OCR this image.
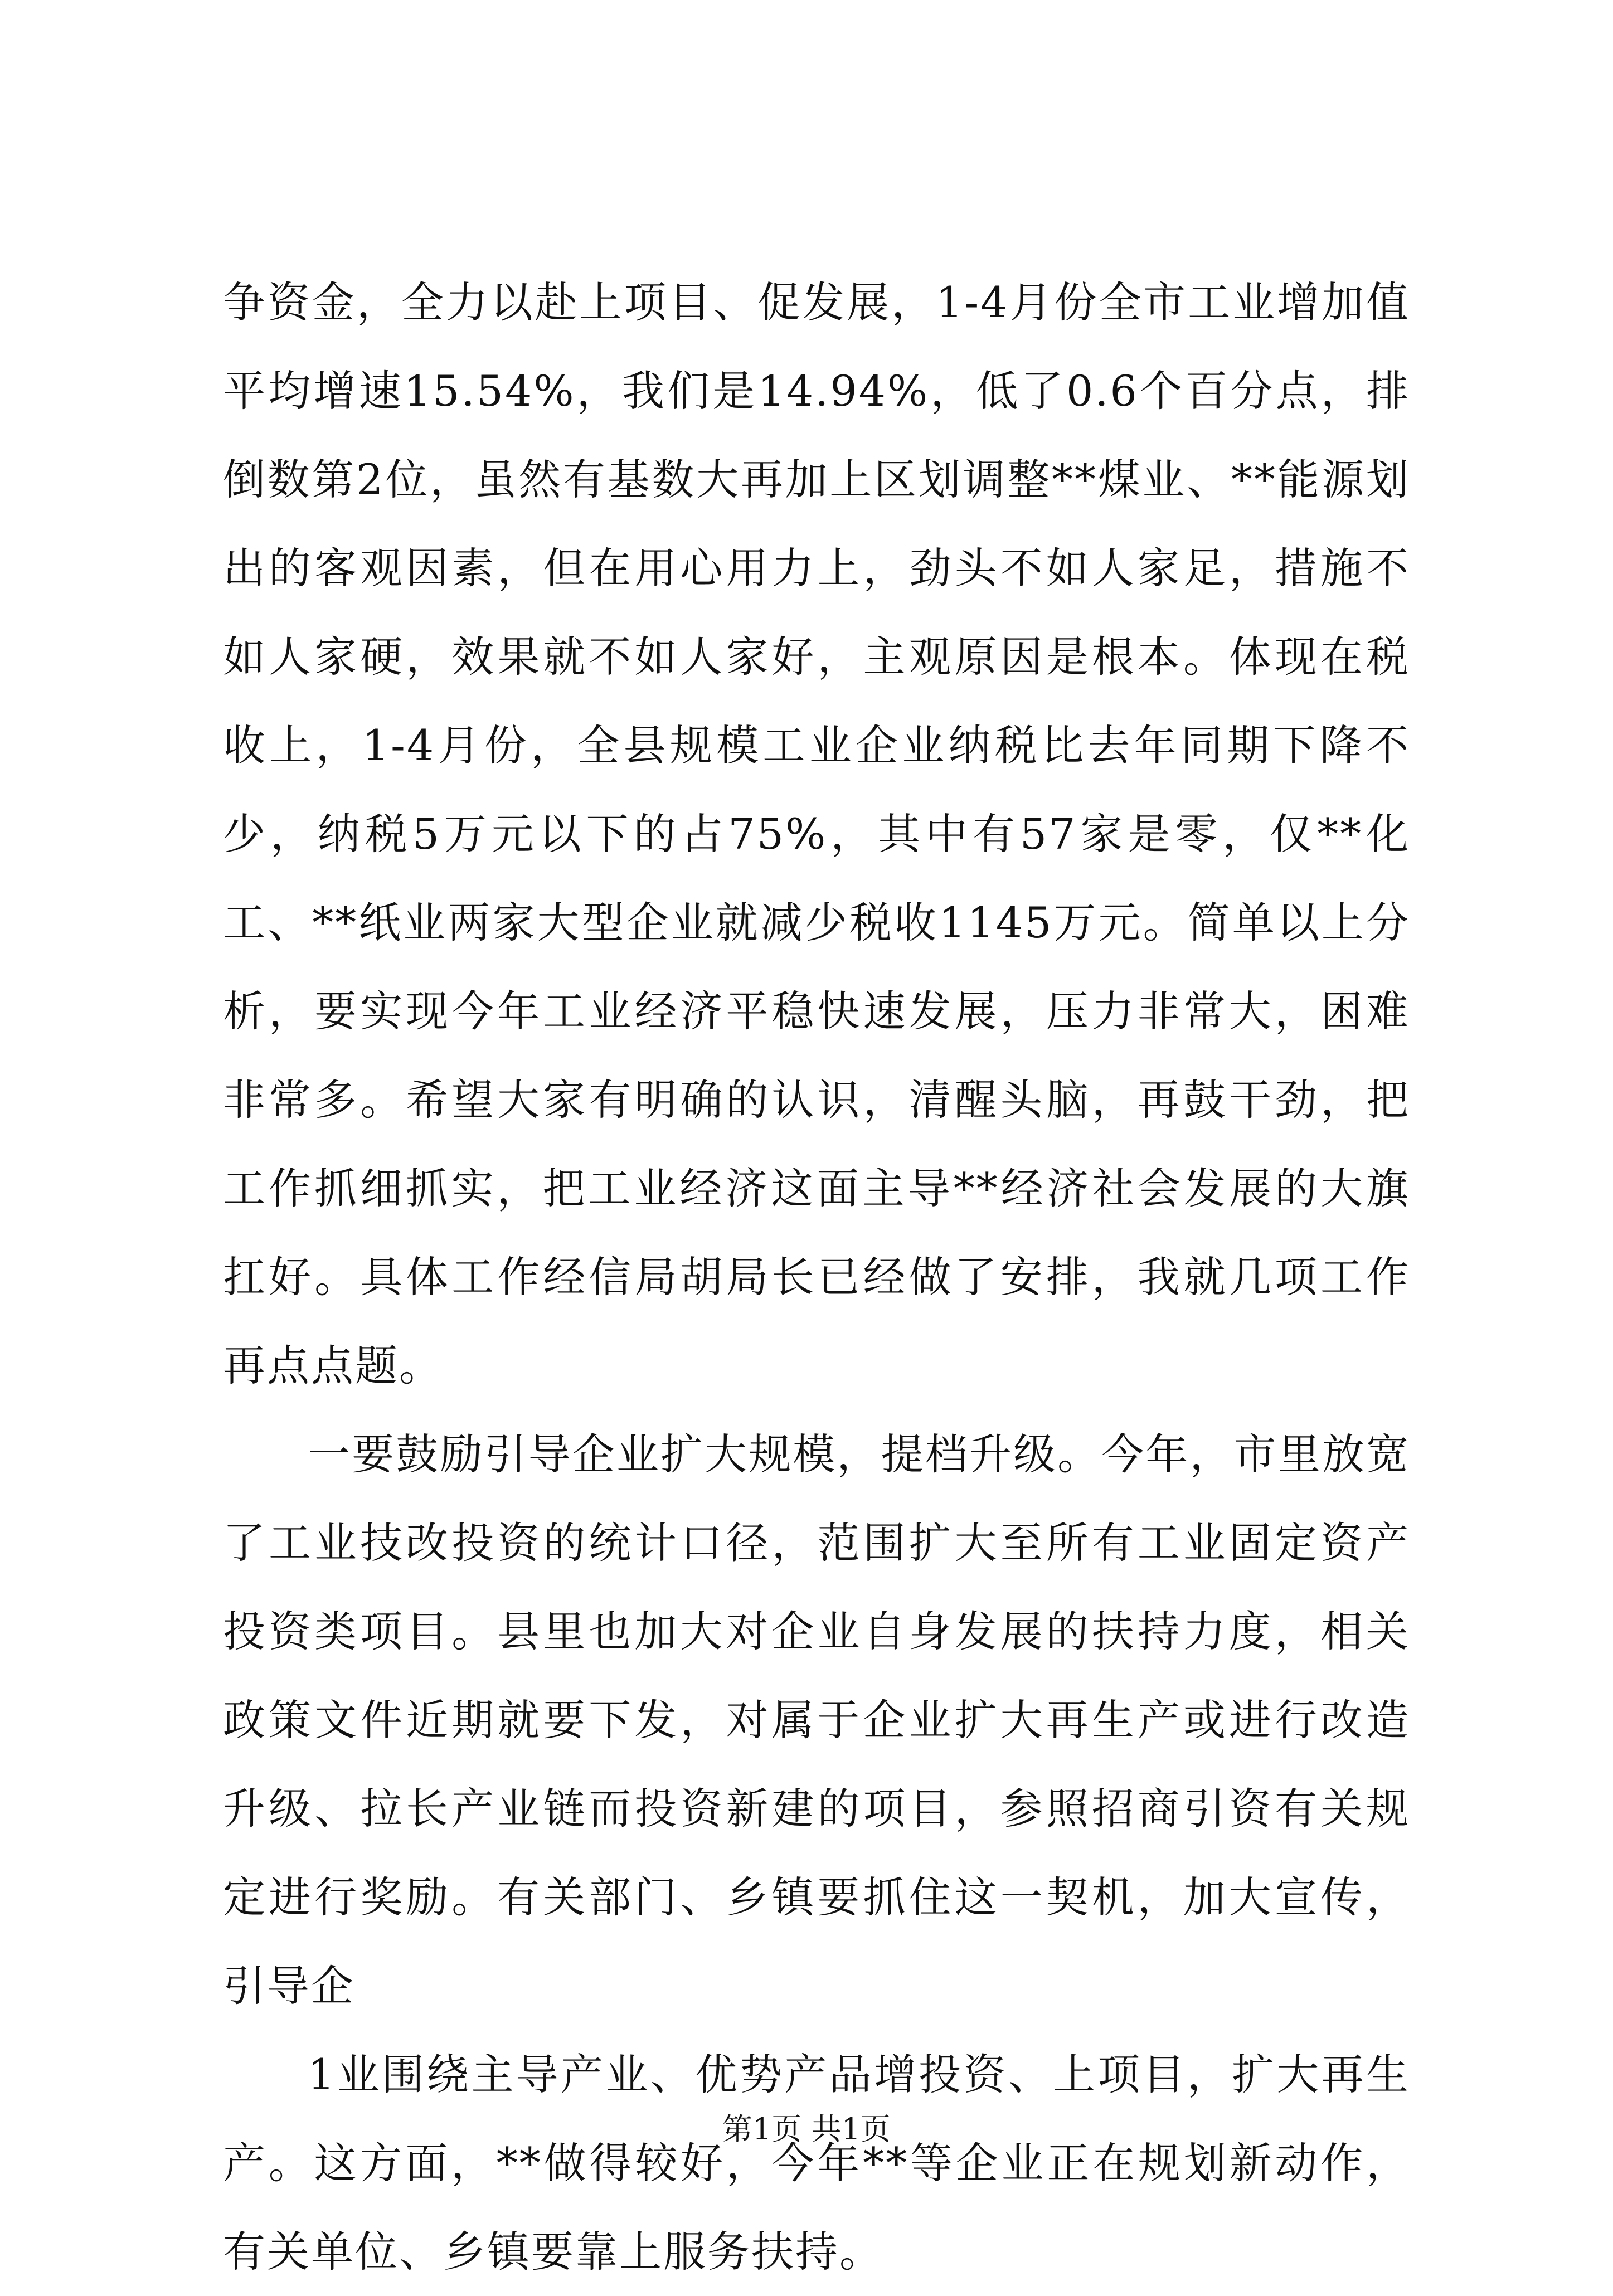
争资金，全力以赴上项目、促发展，1-4月份全市工业增加值平均增速15.54%，我们是14.94%，低了0.6个百分点，排倒数第2位，虽然有基数大再加上区划调整**煤业、**能源划出的客观因素，但在用心用力上，劲头不如人家足，措施不如人家硬，效果就不如人家好，主观原因是根本。体现在税收上，1-4月份，全县规模工业企业纳税比去年同期下降不少，纳税5万元以下的占75%，其中有57家是零，仅**化工、**纸业两家大型企业就减少税收1145万元。简单以上分析，要实现今年工业经济平稳快速发展，压力非常大，困难非常多。希望大家有明确的认识，清醒头脑，再鼓干劲，把工作抓细抓实，把工业经济这面主导**经济社会发展的大旗扛好。具体工作经信局胡局长已经做了安排，我就几项工作再点点题。

一要鼓励引导企业扩大规模，提档升级。今年，市里放宽了工业技改投资的统计口径，范围扩大至所有工业固定资产投资类项目。县里也加大对企业自身发展的扶持力度，相关政策文件近期就要下发，对属于企业扩大再生产或进行改造升级、拉长产业链而投资新建的项目，参照招商引资有关规定进行奖励。有关部门、乡镇要抓住这一契机，加大宣传，引导企

1业围绕主导产业、优势产品增投资、上项目，扩大再生产。这方面，**做得较好，今年**等企业正在规划新动作，有关单位、乡镇要靠上服务扶持。

第1页 共1页
